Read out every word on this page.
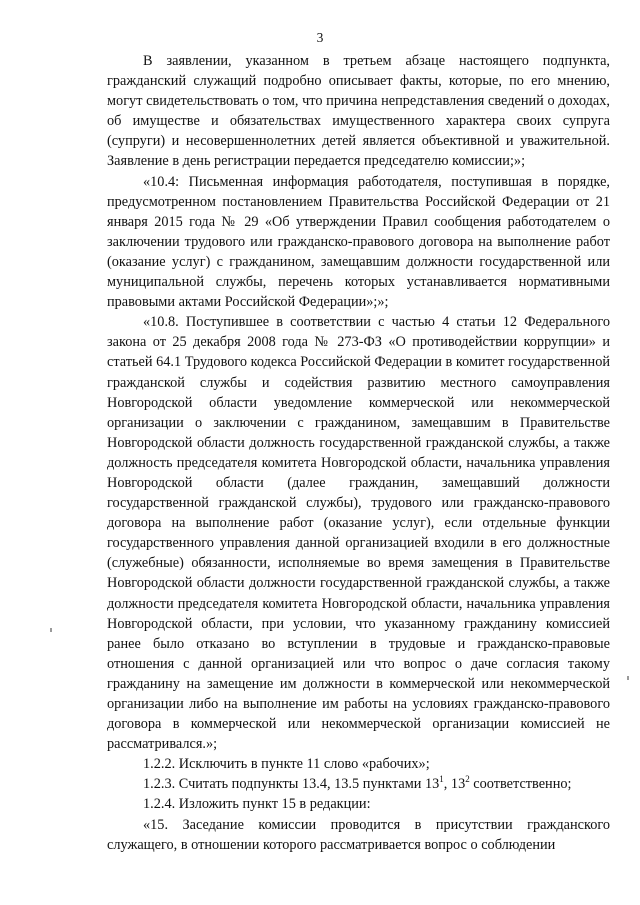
3

В заявлении, указанном в третьем абзаце настоящего подпункта, гражданский служащий подробно описывает факты, которые, по его мнению, могут свидетельствовать о том, что причина непредставления сведений о доходах, об имуществе и обязательствах имущественного характера своих супруга (супруги) и несовершеннолетних детей является объективной и уважительной. Заявление в день регистрации передается председателю комиссии;»;

«10.4: Письменная информация работодателя, поступившая в порядке, предусмотренном постановлением Правительства Российской Федерации от 21 января 2015 года № 29 «Об утверждении Правил сообщения работодателем о заключении трудового или гражданско-правового договора на выполнение работ (оказание услуг) с гражданином, замещавшим должности государственной или муниципальной службы, перечень которых устанавливается нормативными правовыми актами Российской Федерации»;»;

«10.8. Поступившее в соответствии с частью 4 статьи 12 Федерального закона от 25 декабря 2008 года № 273-ФЗ «О противодействии коррупции» и статьей 64.1 Трудового кодекса Российской Федерации в комитет государственной гражданской службы и содействия развитию местного самоуправления Новгородской области уведомление коммерческой или некоммерческой организации о заключении с гражданином, замещавшим в Правительстве Новгородской области должность государственной гражданской службы, а также должность председателя комитета Новгородской области, начальника управления Новгородской области (далее гражданин, замещавший должности государственной гражданской службы), трудового или гражданско-правового договора на выполнение работ (оказание услуг), если отдельные функции государственного управления данной организацией входили в его должностные (служебные) обязанности, исполняемые во время замещения в Правительстве Новгородской области должности государственной гражданской службы, а также должности председателя комитета Новгородской области, начальника управления Новгородской области, при условии, что указанному гражданину комиссией ранее было отказано во вступлении в трудовые и гражданско-правовые отношения с данной организацией или что вопрос о даче согласия такому гражданину на замещение им должности в коммерческой или некоммерческой организации либо на выполнение им работы на условиях гражданско-правового договора в коммерческой или некоммерческой организации комиссией не рассматривался.»;

1.2.2. Исключить в пункте 11 слово «рабочих»;

1.2.3. Считать подпункты 13.4, 13.5 пунктами $13^1$, $13^2$ соответственно;

1.2.4. Изложить пункт 15 в редакции:

«15. Заседание комиссии проводится в присутствии гражданского служащего, в отношении которого рассматривается вопрос о соблюдении
